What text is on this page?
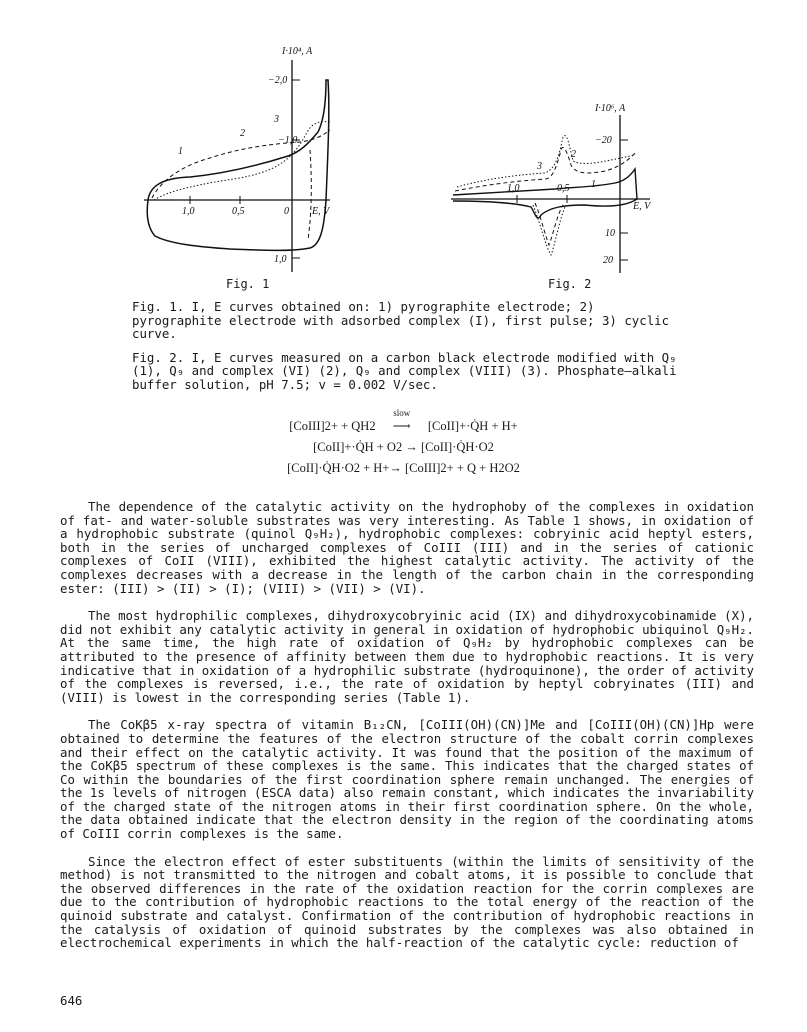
I·10⁴, A
−2,0
−1,0
1,0
1,0	0,5	0 E, V
1
2
3
Fig. 1
I·10⁶, A
−20
10
20
1,0	0,5
E, V
3
2
1
Fig. 2

Fig. 1. I, E curves obtained on: 1) pyrographite electrode; 2) pyrographite electrode with adsorbed complex (I), first pulse; 3) cyclic curve.

Fig. 2. I, E curves measured on a carbon black electrode modified with Q₉ (1), Q₉ and complex (VI) (2), Q₉ and complex (VIII) (3). Phosphate–alkali buffer solution, pH 7.5; v = 0.002 V/sec.

[CoIII]2+ + QH2
slow
⟶ [CoII]+·Q̇H + H+
[CoII]+·Q̇H + O2 → [CoII]·Q̇H·O2
[CoII]·Q̇H·O2 + H+→ [CoIII]2+ + Q + H2O2

The dependence of the catalytic activity on the hydrophoby of the complexes in oxidation of fat- and water-soluble substrates was very interesting. As Table 1 shows, in oxidation of a hydrophobic substrate (quinol Q₉H₂), hydrophobic complexes: cobryinic acid heptyl esters, both in the series of uncharged complexes of CoIII (III) and in the series of cationic complexes of CoII (VIII), exhibited the highest catalytic activity. The activity of the complexes decreases with a decrease in the length of the carbon chain in the corresponding ester: (III) > (II) > (I); (VIII) > (VII) > (VI).

The most hydrophilic complexes, dihydroxycobryinic acid (IX) and dihydroxycobinamide (X), did not exhibit any catalytic activity in general in oxidation of hydrophobic ubiquinol Q₉H₂. At the same time, the high rate of oxidation of Q₉H₂ by hydrophobic complexes can be attributed to the presence of affinity between them due to hydrophobic reactions. It is very indicative that in oxidation of a hydrophilic substrate (hydroquinone), the order of activity of the complexes is reversed, i.e., the rate of oxidation by heptyl cobryinates (III) and (VIII) is lowest in the corresponding series (Table 1).

The CoKβ5 x-ray spectra of vitamin B₁₂CN, [CoIII(OH)(CN)]Me and [CoIII(OH)(CN)]Hp were obtained to determine the features of the electron structure of the cobalt corrin complexes and their effect on the catalytic activity. It was found that the position of the maximum of the CoKβ5 spectrum of these complexes is the same. This indicates that the charged states of Co within the boundaries of the first coordination sphere remain unchanged. The energies of the 1s levels of nitrogen (ESCA data) also remain constant, which indicates the invariability of the charged state of the nitrogen atoms in their first coordination sphere. On the whole, the data obtained indicate that the electron density in the region of the coordinating atoms of CoIII corrin complexes is the same.

Since the electron effect of ester substituents (within the limits of sensitivity of the method) is not transmitted to the nitrogen and cobalt atoms, it is possible to conclude that the observed differences in the rate of the oxidation reaction for the corrin complexes are due to the contribution of hydrophobic reactions to the total energy of the reaction of the quinoid substrate and catalyst. Confirmation of the contribution of hydrophobic reactions in the catalysis of oxidation of quinoid substrates by the complexes was also obtained in electrochemical experiments in which the half-reaction of the catalytic cycle: reduction of

646
